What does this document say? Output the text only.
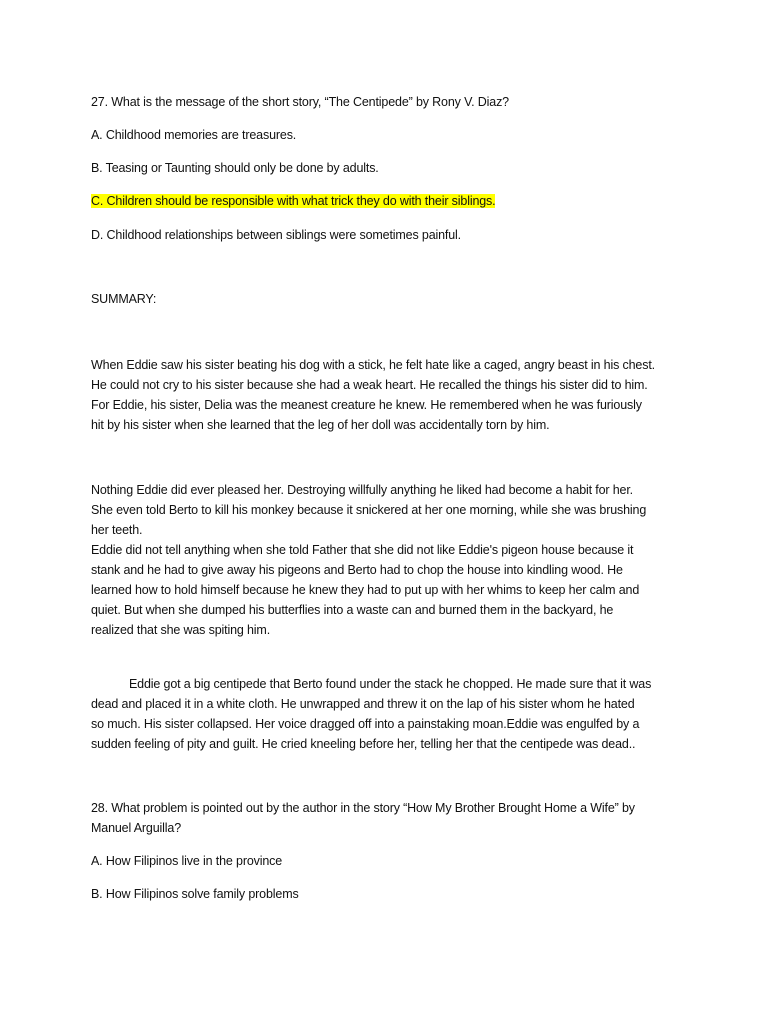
27. What is the message of the short story, “The Centipede” by Rony V. Diaz?
A. Childhood memories are treasures.
B. Teasing or Taunting should only be done by adults.
C. Children should be responsible with what trick they do with their siblings.
D. Childhood relationships between siblings were sometimes painful.
SUMMARY:
When Eddie saw his sister beating his dog with a stick, he felt hate like a caged, angry beast in his chest.
He could not cry to his sister because she had a weak heart. He recalled the things his sister did to him.
For Eddie, his sister, Delia was the meanest creature he knew. He remembered when he was furiously
hit by his sister when she learned that the leg of her doll was accidentally torn by him.
Nothing Eddie did ever pleased her. Destroying willfully anything he liked had become a habit for her.
She even told Berto to kill his monkey because it snickered at her one morning, while she was brushing
her teeth.
Eddie did not tell anything when she told Father that she did not like Eddie's pigeon house because it
stank and he had to give away his pigeons and Berto had to chop the house into kindling wood. He
learned how to hold himself because he knew they had to put up with her whims to keep her calm and
quiet. But when she dumped his butterflies into a waste can and burned them in the backyard, he
realized that she was spiting him.
Eddie got a big centipede that Berto found under the stack he chopped. He made sure that it was
dead and placed it in a white cloth. He unwrapped and threw it on the lap of his sister whom he hated
so much. His sister collapsed. Her voice dragged off into a painstaking moan.Eddie was engulfed by a
sudden feeling of pity and guilt. He cried kneeling before her, telling her that the centipede was dead..
28. What problem is pointed out by the author in the story “How My Brother Brought Home a Wife” by
Manuel Arguilla?
A. How Filipinos live in the province
B. How Filipinos solve family problems
